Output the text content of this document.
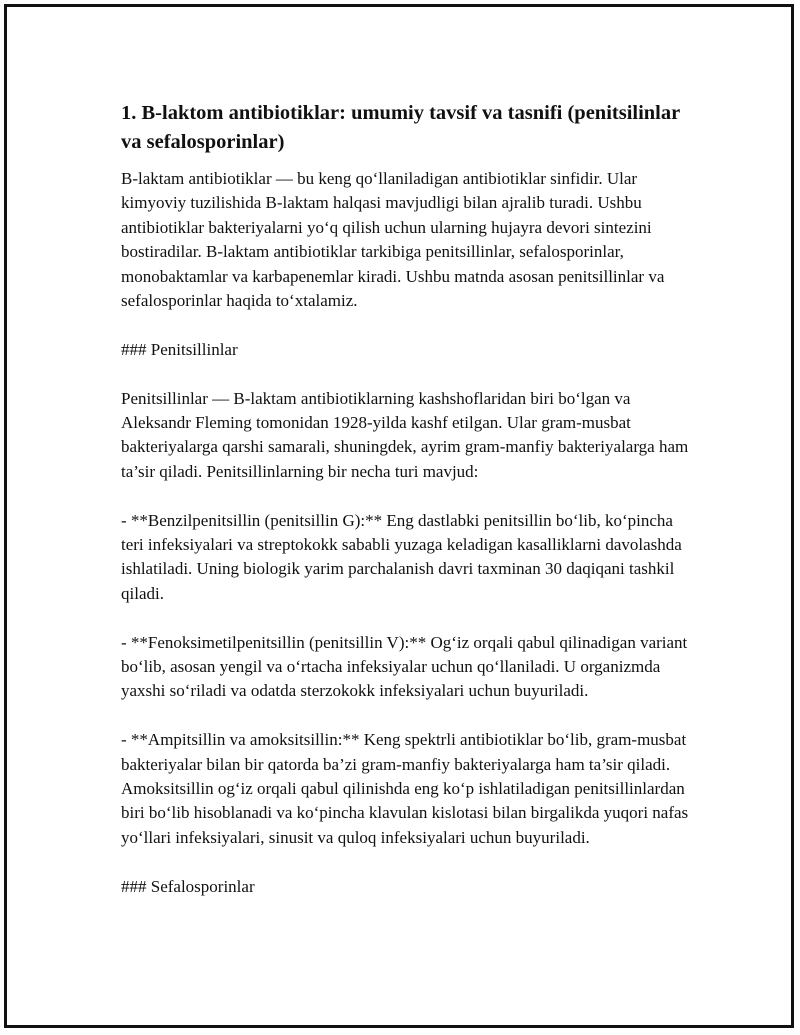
1. B-laktom antibiotiklar: umumiy tavsif va tasnifi (penitsilinlar va sefalosporinlar)

B-laktam antibiotiklar — bu keng qo‘llaniladigan antibiotiklar sinfidir. Ular kimyoviy tuzilishida B-laktam halqasi mavjudligi bilan ajralib turadi. Ushbu antibiotiklar bakteriyalarni yo‘q qilish uchun ularning hujayra devori sintezini bostiradilar. B-laktam antibiotiklar tarkibiga penitsillinlar, sefalosporinlar, monobaktamlar va karbapenemlar kiradi. Ushbu matnda asosan penitsillinlar va sefalosporinlar haqida to‘xtalamiz.

### Penitsillinlar

Penitsillinlar — B-laktam antibiotiklarning kashshoflaridan biri bo‘lgan va Aleksandr Fleming tomonidan 1928-yilda kashf etilgan. Ular gram-musbat bakteriyalarga qarshi samarali, shuningdek, ayrim gram-manfiy bakteriyalarga ham ta’sir qiladi. Penitsillinlarning bir necha turi mavjud:

- **Benzilpenitsillin (penitsillin G):** Eng dastlabki penitsillin bo‘lib, ko‘pincha teri infeksiyalari va streptokokk sababli yuzaga keladigan kasalliklarni davolashda ishlatiladi. Uning biologik yarim parchalanish davri taxminan 30 daqiqani tashkil qiladi.

- **Fenoksimetilpenitsillin (penitsillin V):** Og‘iz orqali qabul qilinadigan variant bo‘lib, asosan yengil va o‘rtacha infeksiyalar uchun qo‘llaniladi. U organizmda yaxshi so‘riladi va odatda sterzokokk infeksiyalari uchun buyuriladi.

- **Ampitsillin va amoksitsillin:** Keng spektrli antibiotiklar bo‘lib, gram-musbat bakteriyalar bilan bir qatorda ba’zi gram-manfiy bakteriyalarga ham ta’sir qiladi. Amoksitsillin og‘iz orqali qabul qilinishda eng ko‘p ishlatiladigan penitsillinlardan biri bo‘lib hisoblanadi va ko‘pincha klavulan kislotasi bilan birgalikda yuqori nafas yo‘llari infeksiyalari, sinusit va quloq infeksiyalari uchun buyuriladi.

### Sefalosporinlar
